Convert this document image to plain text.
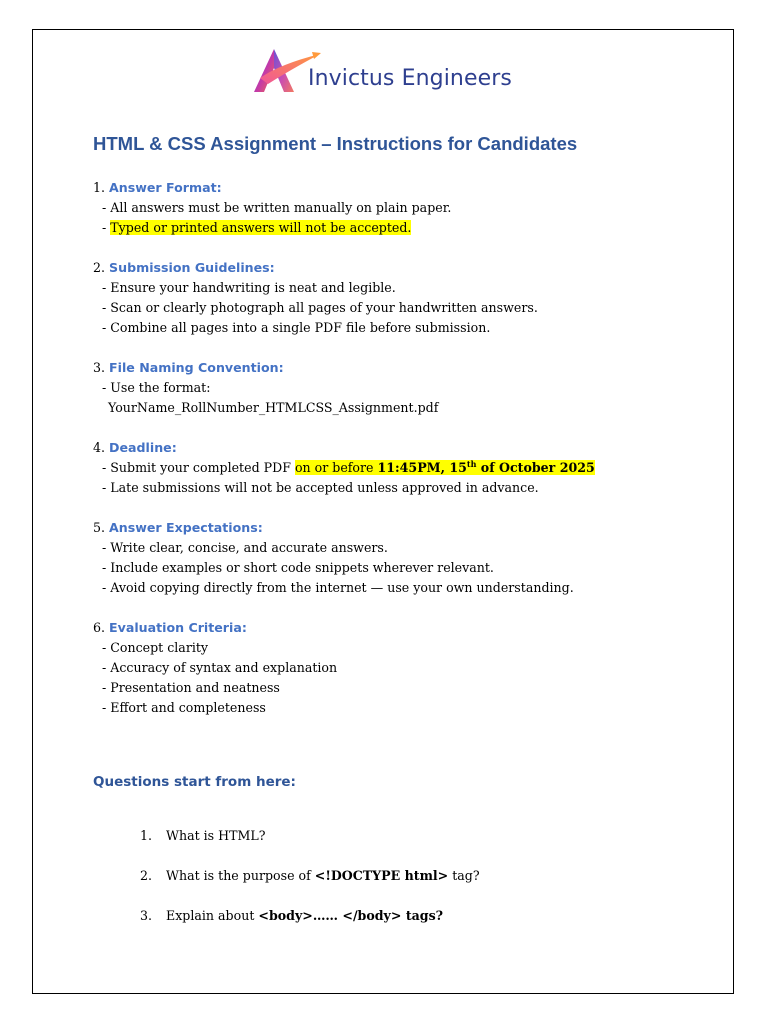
Invictus Engineers
HTML & CSS Assignment – Instructions for Candidates
1. Answer Format:
- All answers must be written manually on plain paper.
- Typed or printed answers will not be accepted.
2. Submission Guidelines:
- Ensure your handwriting is neat and legible.
- Scan or clearly photograph all pages of your handwritten answers.
- Combine all pages into a single PDF file before submission.
3. File Naming Convention:
- Use the format:
YourName_RollNumber_HTMLCSS_Assignment.pdf
4. Deadline:
- Submit your completed PDF on or before 11:45PM, 15th of October 2025
- Late submissions will not be accepted unless approved in advance.
5. Answer Expectations:
- Write clear, concise, and accurate answers.
- Include examples or short code snippets wherever relevant.
- Avoid copying directly from the internet — use your own understanding.
6. Evaluation Criteria:
- Concept clarity
- Accuracy of syntax and explanation
- Presentation and neatness
- Effort and completeness
Questions start from here:
1. What is HTML?
2. What is the purpose of <!DOCTYPE html> tag?
3. Explain about <body>…… </body> tags?
